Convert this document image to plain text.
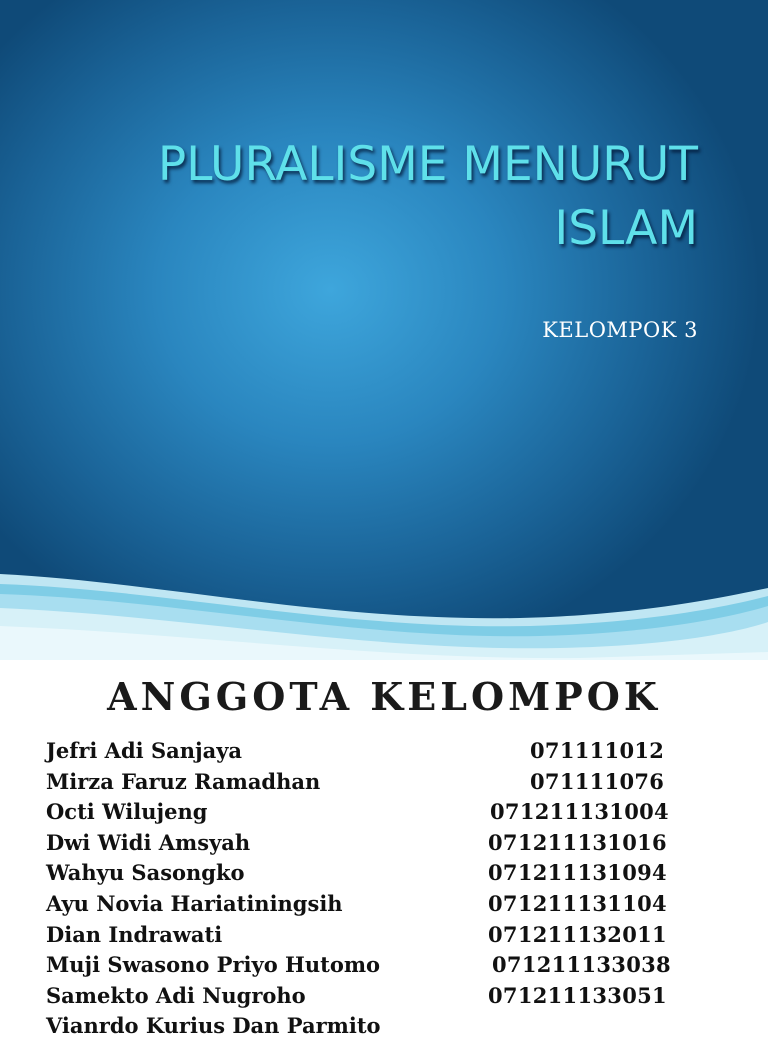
PLURALISME MENURUT
ISLAM
KELOMPOK 3
ANGGOTA KELOMPOK
Jefri Adi Sanjaya	071111012
Mirza Faruz Ramadhan	071111076
Octi Wilujeng	071211131004
Dwi Widi Amsyah	071211131016
Wahyu Sasongko	071211131094
Ayu Novia Hariatiningsih	071211131104
Dian Indrawati	071211132011
Muji Swasono Priyo Hutomo	071211133038
Samekto Adi Nugroho	071211133051
Vianrdo Kurius Dan Parmito
